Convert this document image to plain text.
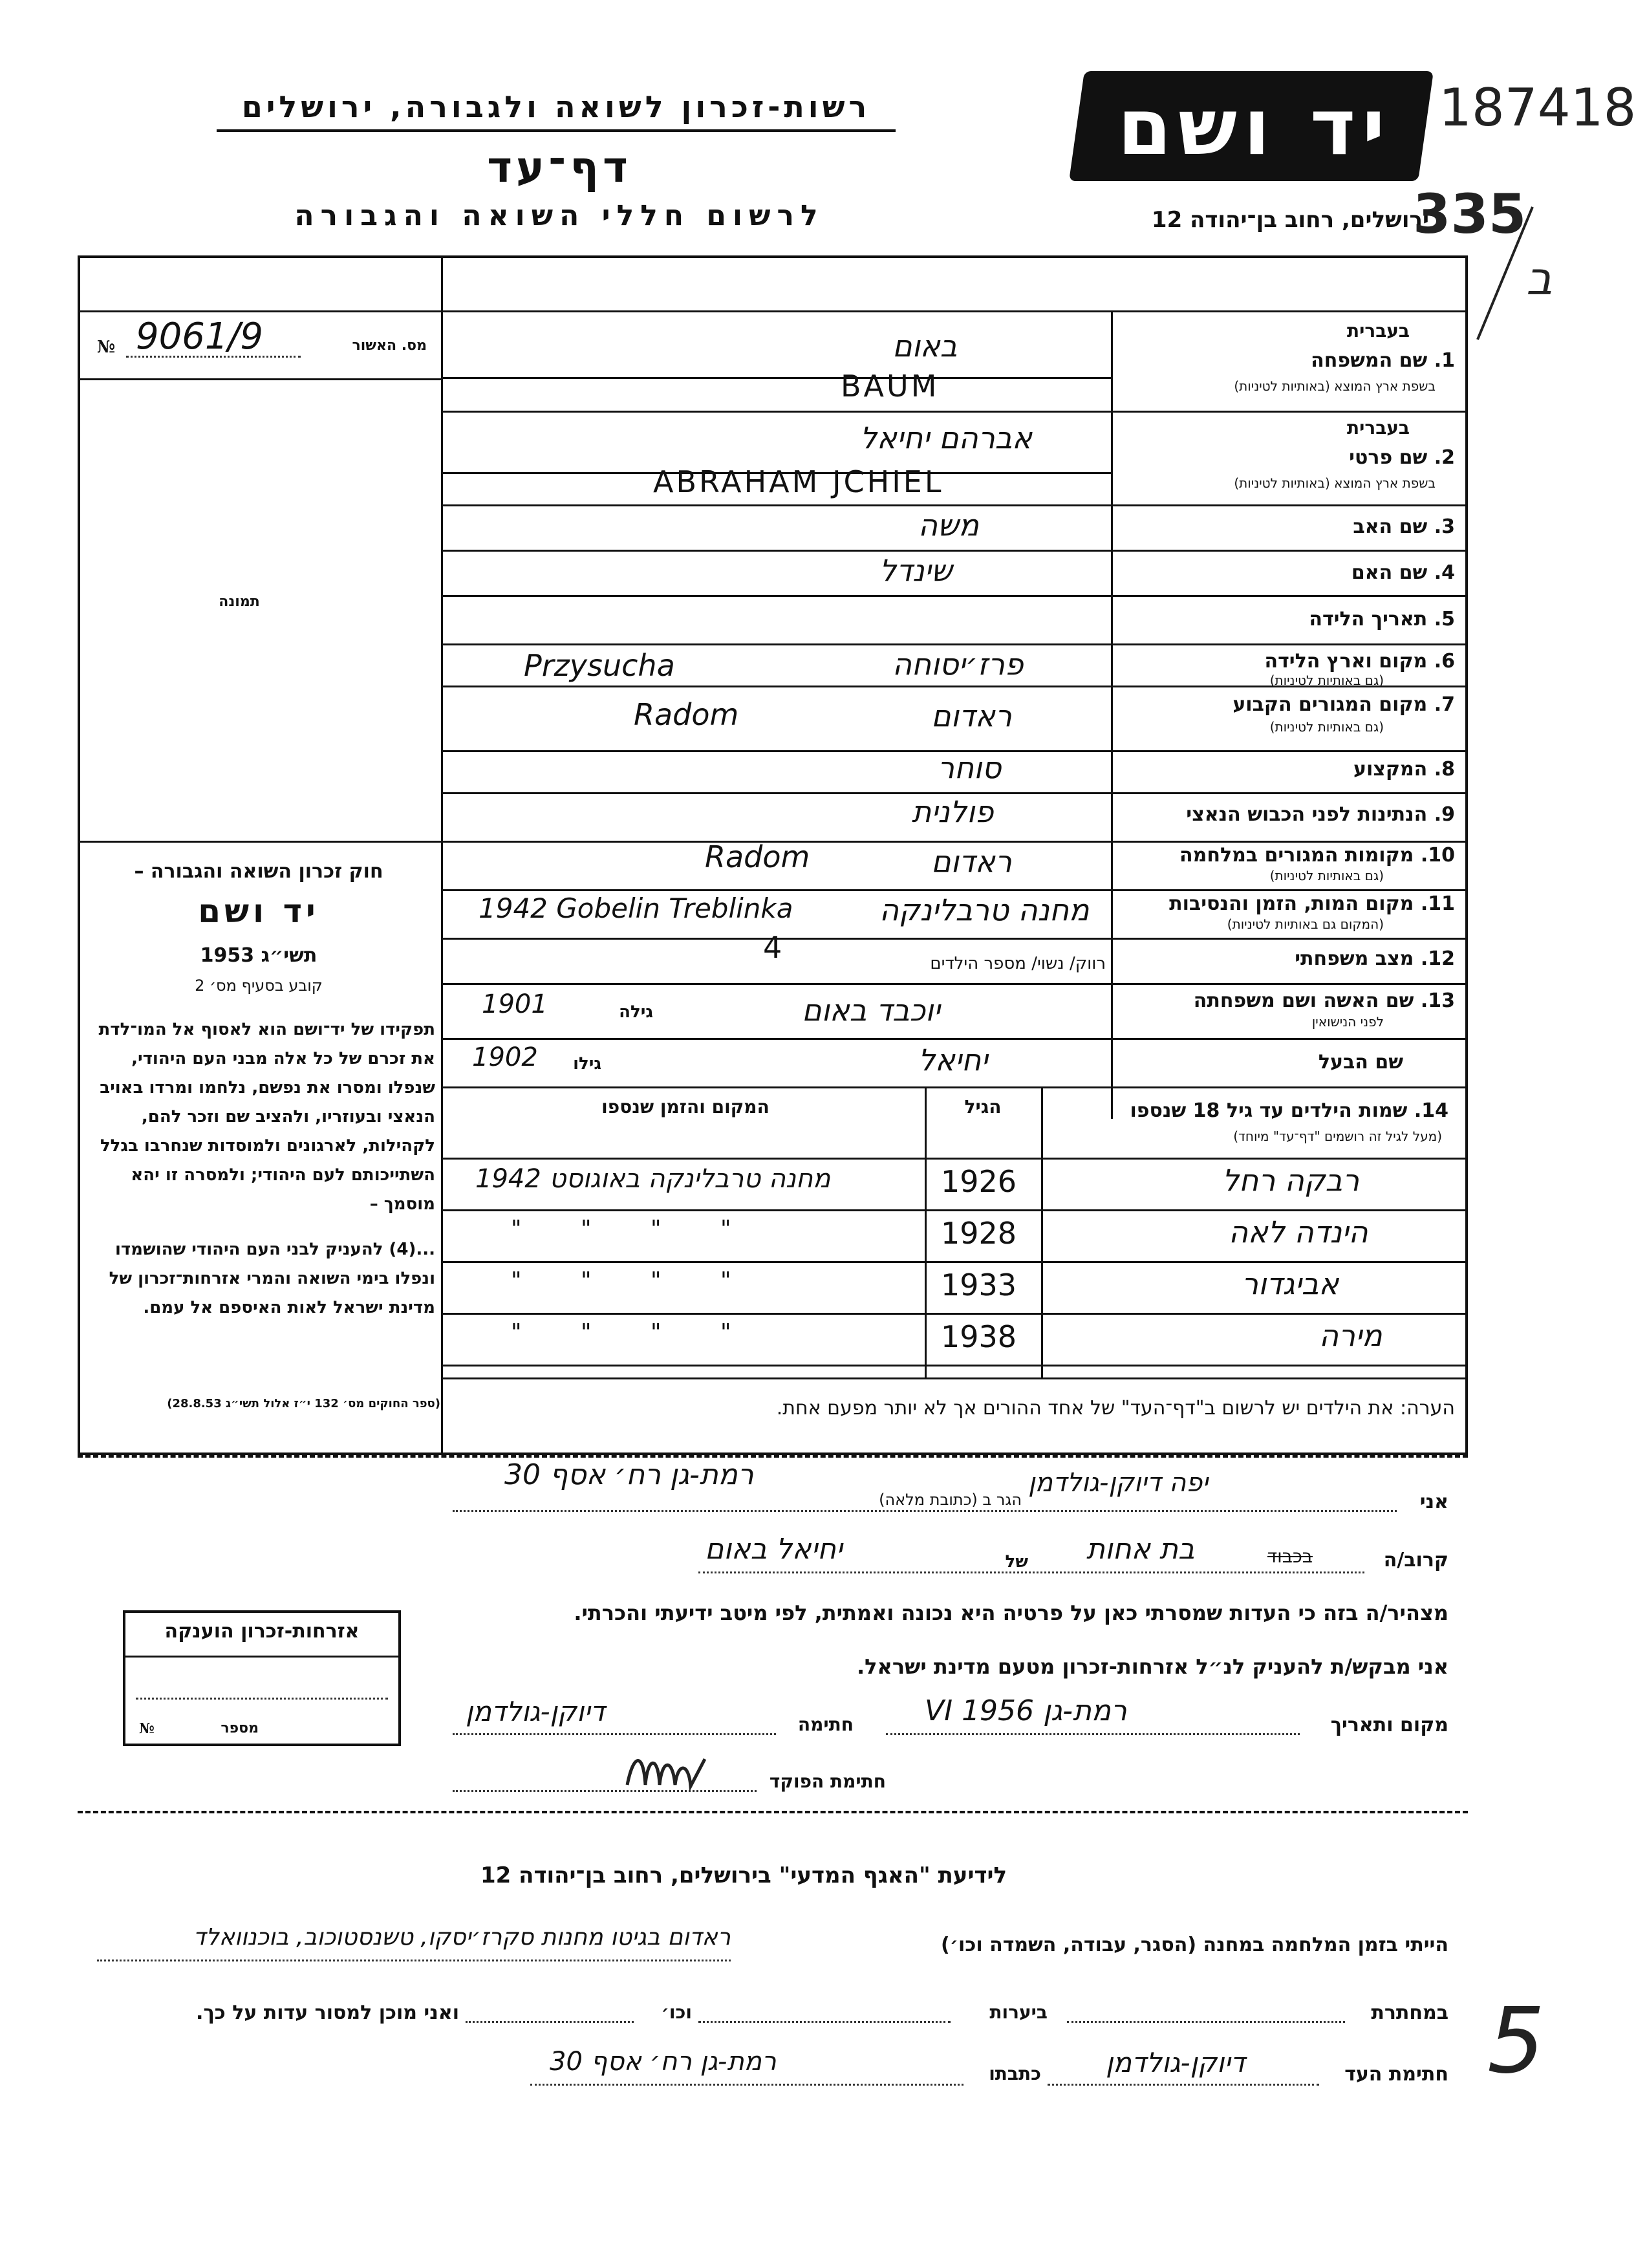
רשות-זכרון לשואה ולגבורה, ירושלים
דף־עד
לרשום חללי השואה והגבורה
יד ושם 187418
ירושלים, רחוב בן־יהודה 12
335
ב
מס. האשור
№ 9061/9
תמונה
חוק זכרון השואה והגבורה –
יד ושם
תשי״ג 1953
קובע בסעיף מס׳ 2
תפקידו של יד־ושם הוא לאסוף אל המו־לדת את זכרם של כל אלה מבני העם היהודי, שנפלו ומסרו את נפשם, נלחמו ומרדו באויב הנאצי ובעוזריו, ולהציב שם וזכר להם, לקהילות, לארגונים ולמוסדות שנחרבו בגלל השתייכותם לעם היהודי; ולמסרה זו יהא מוסמך –
...(4) להעניק לבני העם היהודי שהושמדו ונפלו בימי השואה והמרי אזרחות־זכרון של מדינת ישראל לאות האיספם אל עמם.
(ספר החוקים מס׳ 132 י״ז אלול תשי״ג 28.8.53)
בעברית
1. שם המשפחה
בשפת ארץ המוצא (באותיות לטיניות)
באום
BAUM
בעברית
2. שם פרטי
בשפת ארץ המוצא (באותיות לטיניות)
אברהם יחיאל
ABRAHAM JCHIEL
3. שם האב
משה
4. שם האם
שינדל
5. תאריך הלידה
6. מקום וארץ הלידה
(גם באותיות לטיניות)
פרז׳יסוחה
Przysucha
7. מקום המגורים הקבוע
(גם באותיות לטיניות)
ראדום
Radom
8. המקצוע
סוחר
9. הנתינות לפני הכבוש הנאצי
פולנית
10. מקומות המגורים במלחמה
(גם באותיות לטיניות)
ראדום
Radom
11. מקום המות, הזמן והנסיבות
(המקום גם באותיות לטיניות)
מחנה טרבלינקה
1942 Gobelin Treblinka
12. מצב משפחתי
רווק/ נשוי/ מספר הילדים
4
13. שם האשה ושם משפחתה
לפני הנישואין
יוכבד באום
גילה
1901
שם הבעל
יחיאל
גילו
1902
14. שמות הילדים עד גיל 18 שנספו
(מעל לגיל זה רושמים "דף־עד" מיוחד)
הגיל
המקום והזמן שנספו
רבקה רחל
1926
מחנה טרבלינקה באוגוסט 1942
הינדה לאה
1928
" " " "
אביגדור
1933
" " " "
מירה
1938
" " " "
הערה: את הילדים יש לרשום ב"דף־העד" של אחד ההורים אך לא יותר מפעם אחת.
אני
יפה דיוקן-גולדמן
הגר ב (כתובת מלאה)
רמת-גן רח׳ אסף 30
קרוב/ה
בכבוד
בת אחות
של
יחיאל באום
מצהיר/ה בזה כי העדות שמסרתי כאן על פרטיה היא נכונה ואמתית, לפי מיטב ידיעתי והכרתי.
אני מבקש/ת להעניק לנ״ל אזרחות-זכרון מטעם מדינת ישראל.
מקום ותאריך
רמת-גן VI 1956
חתימה
דיוקן-גולדמן
חתימת הפוקד
אזרחות-זכרון הוענקה
מספר
№
לידיעת "האגף המדעי" בירושלים, רחוב בן־יהודה 12
הייתי בזמן המלחמה במחנה (הסגר, עבודה, השמדה וכו׳)
ראדום בגיטו מחנות סקרז׳יסקו, טשנסטוכוב, בוכנוואלד
במחתרת
ביערות
וכו׳
ואני מוכן למסור עדות על כך.
חתימת העד
דיוקן-גולדמן
כתבתו
רמת-גן רח׳ אסף 30	5
